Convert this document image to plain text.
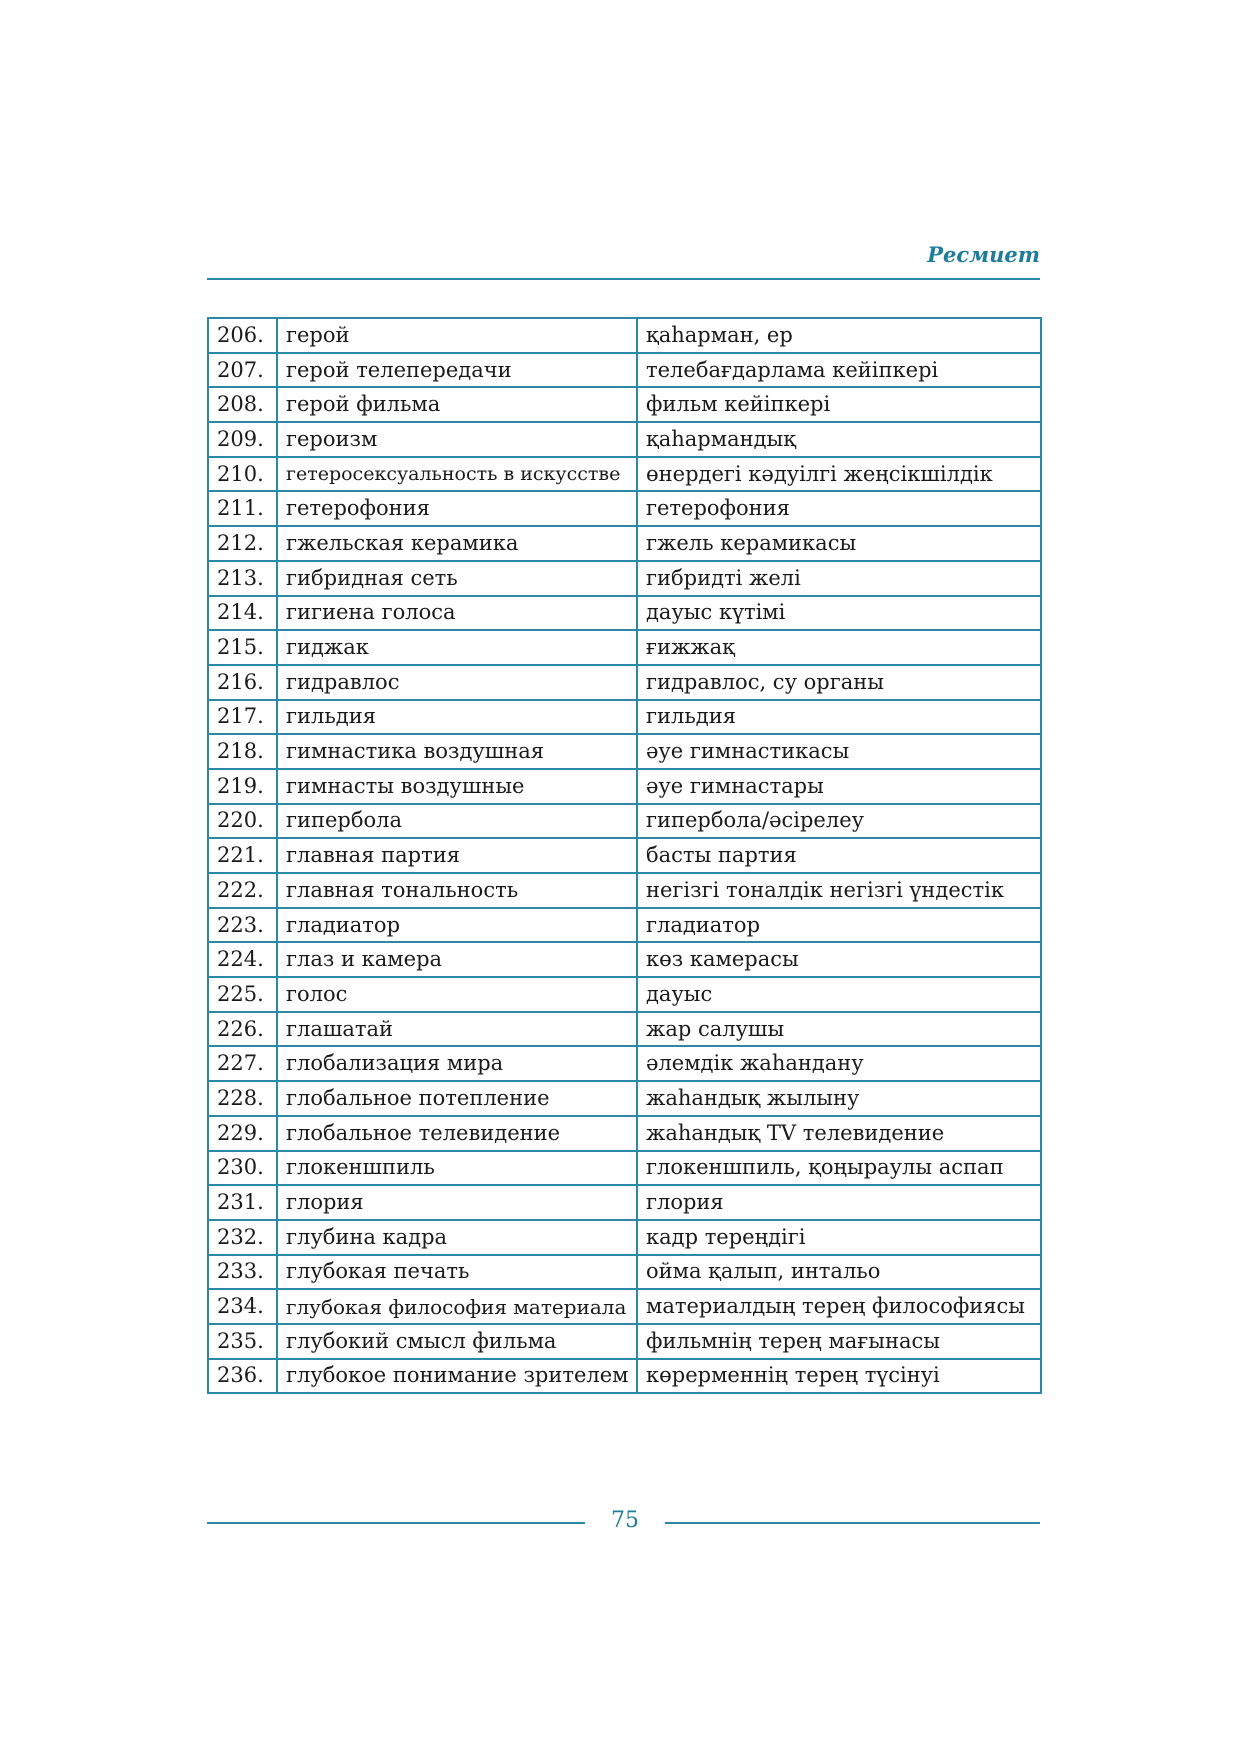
Ресмиет
206.	герой	қаһарман, ер
207.	герой телепередачи	телебағдарлама кейіпкері
208.	герой фильма	фильм кейіпкері
209.	героизм	қаһармандық
210.	гетеросексуальность в искусстве	өнердегі кәдуілгі жеңсікшілдік
211.	гетерофония	гетерофония
212.	гжельская керамика	гжель керамикасы
213.	гибридная сеть	гибридті желі
214.	гигиена голоса	дауыс күтімі
215.	гиджак	ғижжақ
216.	гидравлос	гидравлос, су органы
217.	гильдия	гильдия
218.	гимнастика воздушная	әуе гимнастикасы
219.	гимнасты воздушные	әуе гимнастары
220.	гипербола	гипербола/әсірелеу
221.	главная партия	басты партия
222.	главная тональность	негізгі тоналдік негізгі үндестік
223.	гладиатор	гладиатор
224.	глаз и камера	көз камерасы
225.	голос	дауыс
226.	глашатай	жар салушы
227.	глобализация мира	әлемдік жаһандану
228.	глобальное потепление	жаһандық жылыну
229.	глобальное телевидение	жаһандық TV телевидение
230.	глокеншпиль	глокеншпиль, қоңыраулы аспап
231.	глория	глория
232.	глубина кадра	кадр тереңдігі
233.	глубокая печать	ойма қалып, интальо
234.	глубокая философия материала	материалдың терең философиясы
235.	глубокий смысл фильма	фильмнің терең мағынасы
236.	глубокое понимание зрителем	көрерменнің терең түсінуі
75
